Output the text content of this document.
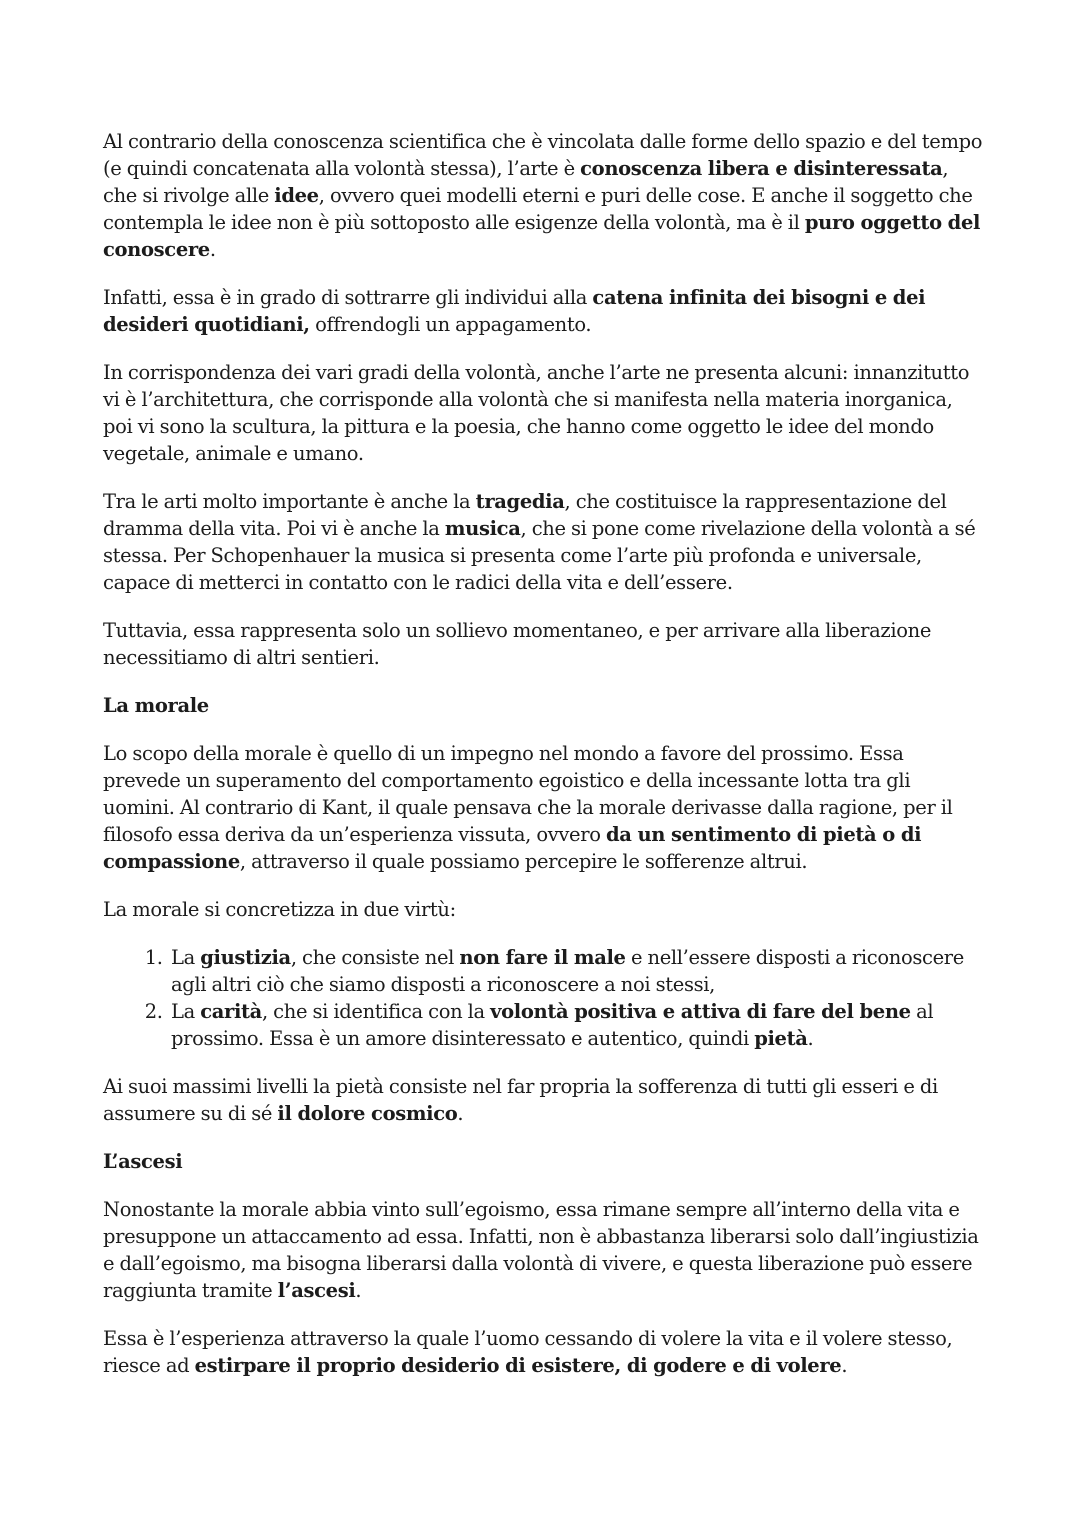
Al contrario della conoscenza scientifica che è vincolata dalle forme dello spazio e del tempo (e quindi concatenata alla volontà stessa), l’arte è conoscenza libera e disinteressata, che si rivolge alle idee, ovvero quei modelli eterni e puri delle cose. E anche il soggetto che contempla le idee non è più sottoposto alle esigenze della volontà, ma è il puro oggetto del conoscere.

Infatti, essa è in grado di sottrarre gli individui alla catena infinita dei bisogni e dei desideri quotidiani, offrendogli un appagamento.

In corrispondenza dei vari gradi della volontà, anche l’arte ne presenta alcuni: innanzitutto vi è l’architettura, che corrisponde alla volontà che si manifesta nella materia inorganica, poi vi sono la scultura, la pittura e la poesia, che hanno come oggetto le idee del mondo vegetale, animale e umano.

Tra le arti molto importante è anche la tragedia, che costituisce la rappresentazione del dramma della vita. Poi vi è anche la musica, che si pone come rivelazione della volontà a sé stessa. Per Schopenhauer la musica si presenta come l’arte più profonda e universale, capace di metterci in contatto con le radici della vita e dell’essere.

Tuttavia, essa rappresenta solo un sollievo momentaneo, e per arrivare alla liberazione necessitiamo di altri sentieri.

La morale

Lo scopo della morale è quello di un impegno nel mondo a favore del prossimo. Essa prevede un superamento del comportamento egoistico e della incessante lotta tra gli uomini. Al contrario di Kant, il quale pensava che la morale derivasse dalla ragione, per il filosofo essa deriva da un’esperienza vissuta, ovvero da un sentimento di pietà o di compassione, attraverso il quale possiamo percepire le sofferenze altrui.

La morale si concretizza in due virtù:

1. La giustizia, che consiste nel non fare il male e nell’essere disposti a riconoscere agli altri ciò che siamo disposti a riconoscere a noi stessi,
2. La carità, che si identifica con la volontà positiva e attiva di fare del bene al prossimo. Essa è un amore disinteressato e autentico, quindi pietà.

Ai suoi massimi livelli la pietà consiste nel far propria la sofferenza di tutti gli esseri e di assumere su di sé il dolore cosmico.

L’ascesi

Nonostante la morale abbia vinto sull’egoismo, essa rimane sempre all’interno della vita e presuppone un attaccamento ad essa. Infatti, non è abbastanza liberarsi solo dall’ingiustizia e dall’egoismo, ma bisogna liberarsi dalla volontà di vivere, e questa liberazione può essere raggiunta tramite l’ascesi.

Essa è l’esperienza attraverso la quale l’uomo cessando di volere la vita e il volere stesso, riesce ad estirpare il proprio desiderio di esistere, di godere e di volere.
